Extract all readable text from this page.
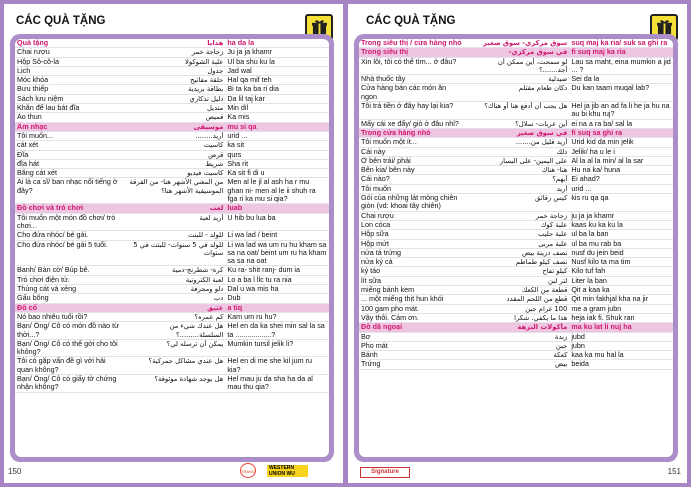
CÁC QUÀ TẶNG
Quà tặng	هدايا	ha da la
Chai rượu	زجاجة خمر	Ju ja ja khamr
Hộp Sô-cô-la	علبة الشوكولا	Ul ba shu ku la
Lịch	جدول	Jad wal
Móc khóa	حلقة مفاتيح	Hal qa mif teh
Bưu thiếp	بطاقة بريدية	Bi ta ka ba ri dia
Sách lưu niệm	دليل تذكاري	Da lil taj kar
Khăn để lau bát đĩa	منديل	Min dil
Áo thun	قميص	Ka mis
Âm nhạc	موسيقى	mu si qa
Tôi muốn...	أريد........	urid ...
cát xét	كاسيت	ka sit
Đĩa	قرص	qurs
đĩa hát	شريط	Sha rit
Băng cát xét	كاسيت فيديو	Ka sit fi di u
Ai là ca sĩ/ ban nhạc nổi tiếng ở đây?	من المغني الأشهر هنا- من الفرقة الموسيقية الأشهر هنا؟	Men al le jl al ash ha r mu ghan ni- men al le ii shuh ra fga ri ka mu si qia?
Đồ chơi và trò chơi	لعب	luab
Tôi muốn một món đồ chơi/ trò chơi...	أريد لعبة	U hib bu lua ba
Cho đứa nhóc/ bé gái.	للولد - للبنت	Li wa lad / beint
Cho đứa nhóc/ bé gái 5 tuổi.	للولد في 5 سنوات- للبنت في 5 سنوات	Li wa lad wa um ru hu kham sa sa na oat/ beint um ru ha kham sa sa na oat
Banh/ Bàn cờ/ Búp bê.	كرة- شطرنج-دمية	Ku ra- shit ranj- dum ia
Trò chơi điện tử.	لعبة الكترونية	Lo a ba l llc tu ra nia
Thùng cát và xẻng	دلو ومجرفة	Dal u wa mis ha
Gấu bông	دب	Dub
Đồ cổ	عتيق	a tiq
Nó bao nhiêu tuổi rồi?	كم عمره؟	Kam um ru hu?
Bạn/ Ông/ Cô có món đồ nào từ thời...?	هل عندك شيء من السلسلة.........؟	Hel en da ka shei min sal la sa ta ..................?
Bạn/ Ông/ Cô có thể gởi cho tôi không?	يمكن أن ترسله لي؟	Mumkin tursil jelik li?
Tôi có gặp vấn đề gì với hải quan không?	هل عندي مشاكل جمركية؟	Hel en di me she kil jum ru kia?
Bạn/ Ông/ Cô có giấy tờ chứng nhận không?	هل يوجد شهادة موثوقة؟	Hel mau ju da sha ha da al mau thu qia?
150	TRANG
WESTERN UNION WU
CÁC QUÀ TẶNG
Trong siêu thị / cửa hàng nhỏ	سوق مركزي- سوق صغير	suq maj ka ria/ suk sa ghi ra
Trong siêu thị	في سوق مركزي-	fi suq maj ka ria
Xin lỗi, tôi có thể tìm... ở đâu?	لو سمحت، أين ممكن أن أجد.......؟	Lau sa maht, eina mumkin a jid ... ?
Nhà thuốc tây	صيدلية	Sei da la
Cửa hàng bán các món ăn ngon	دكان طعام مقتلم	Du kan taam muqal lab?
Tôi trả tiền ở đây hay lại kia?	هل يجب أن أدفع هنا أو هناك؟	Hel ja jib an ad fa li he ja hu na au bi khu ruj?
Mấy cái xe đẩy/ giỏ ở đâu nhỉ?	أين عربات- سلال؟	ei na a ra ba/ sal la
Trong cửa hàng nhỏ	في سوق صغير	fi suq sa ghi ra
Tôi muốn một ít...	أريد قليل من.......	Urid kid da min jelik
Cái này	ذلك	Jelik/ ha u le i
Ở bên trái/ phải	على اليمين- على اليسار	Al la al la min/ al la sar
Bên kia/ bên này	هنا- هناك	Hu na ka/ huna
Cái nào?	أيهم؟	Ei ahad?
Tôi muốn	أريد	urid ...
Gói của những lát mỏng chiên giòn (vd: khoai tây chiên)	كيس رقائق	kis ru qa qa
Chai rượu	زجاجة خمر	ju ja ja khamr
Lon cóca	علبة كوك	kaas ku ka ku la
Hộp sữa	علبة حليب	ul ba la ban
Hộp mứt	علبة مربى	ul ba mu rab ba
nửa tá trứng	نصف دزينة بيض	nusf du jein beid
nửa ký cà	نصف كيلو طماطم	Nusf kilo ta ma tim
ký táo	كيلو تفاح	Kilo tuf fah
lít sữa	لتر لبن	Liter la ban
miếng bánh kem	قطعة من الكعك	Qit a kaa ka
... một miếng thịt hun khói	قطع من اللحم المقدد	Qit min fakhjal kha na jir
100 gam pho mát.	100 غرام جبن	me a gram jubn
Vậy thôi. Cám ơn.	هذا ما يكفي. شكرا	heja iak fi. Shuk ran
Đồ dã ngoại	مأكولات النزهة	ma ku lat li nuj ha
Bơ	زبدة	jubd
Pho mát	جبن	jubn
Bánh	كعكة	kaa ka mu hal la
Trứng	بيض	beida
Signature	151
